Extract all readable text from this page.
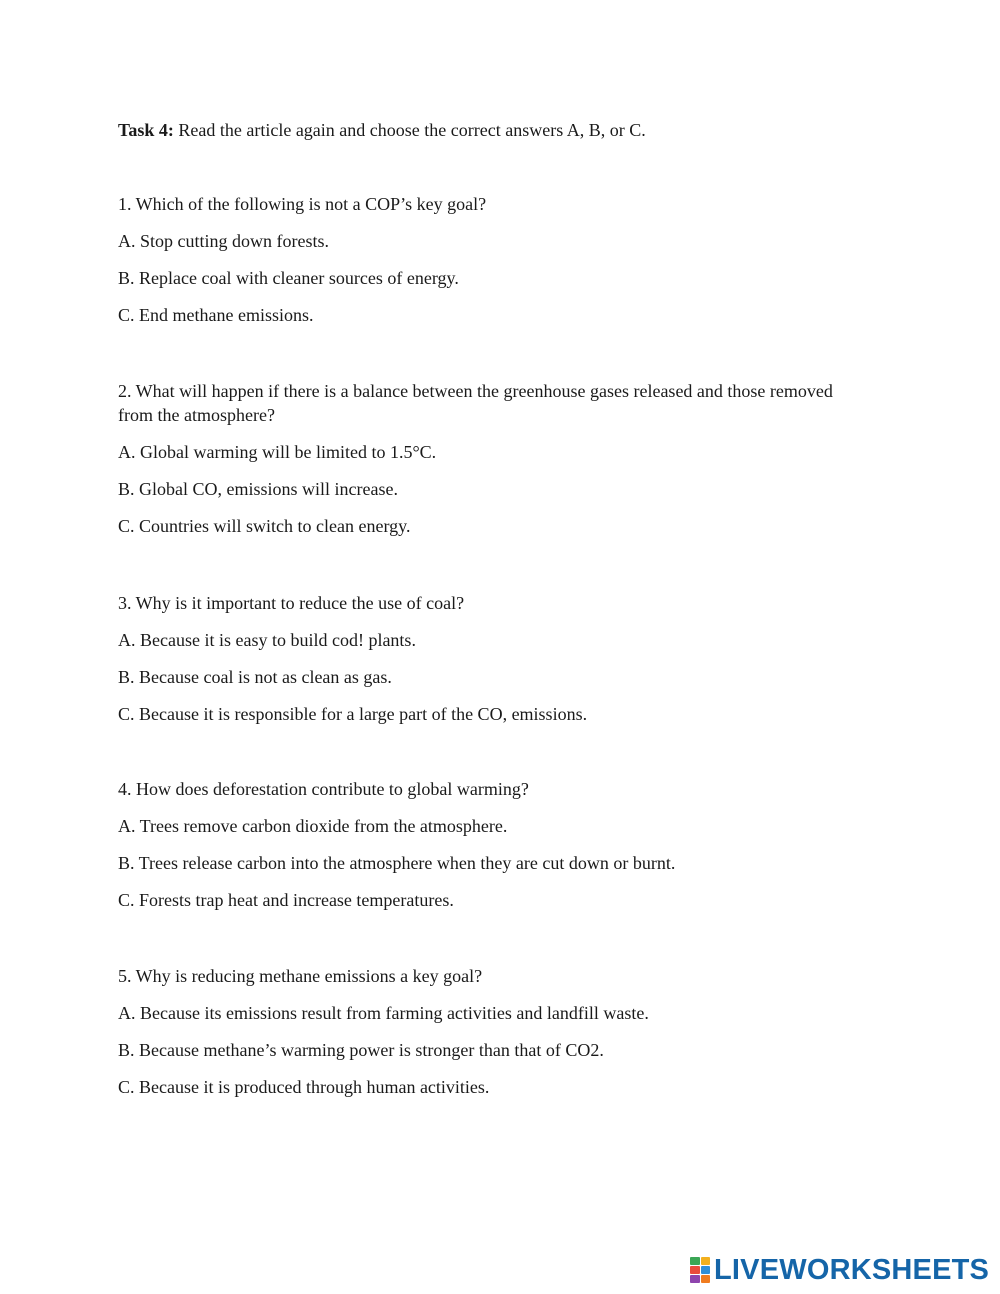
Task 4: Read the article again and choose the correct answers A, B, or C.
1. Which of the following is not a COP’s key goal?
A. Stop cutting down forests.
B. Replace coal with cleaner sources of energy.
C. End methane emissions.
2. What will happen if there is a balance between the greenhouse gases released and those removed from the atmosphere?
A. Global warming will be limited to 1.5°C.
B. Global CO, emissions will increase.
C. Countries will switch to clean energy.
3. Why is it important to reduce the use of coal?
A. Because it is easy to build cod! plants.
B. Because coal is not as clean as gas.
C. Because it is responsible for a large part of the CO, emissions.
4. How does deforestation contribute to global warming?
A. Trees remove carbon dioxide from the atmosphere.
B. Trees release carbon into the atmosphere when they are cut down or burnt.
C. Forests trap heat and increase temperatures.
5. Why is reducing methane emissions a key goal?
A. Because its emissions result from farming activities and landfill waste.
B. Because methane’s warming power is stronger than that of CO2.
C. Because it is produced through human activities.
LIVEWORKSHEETS
